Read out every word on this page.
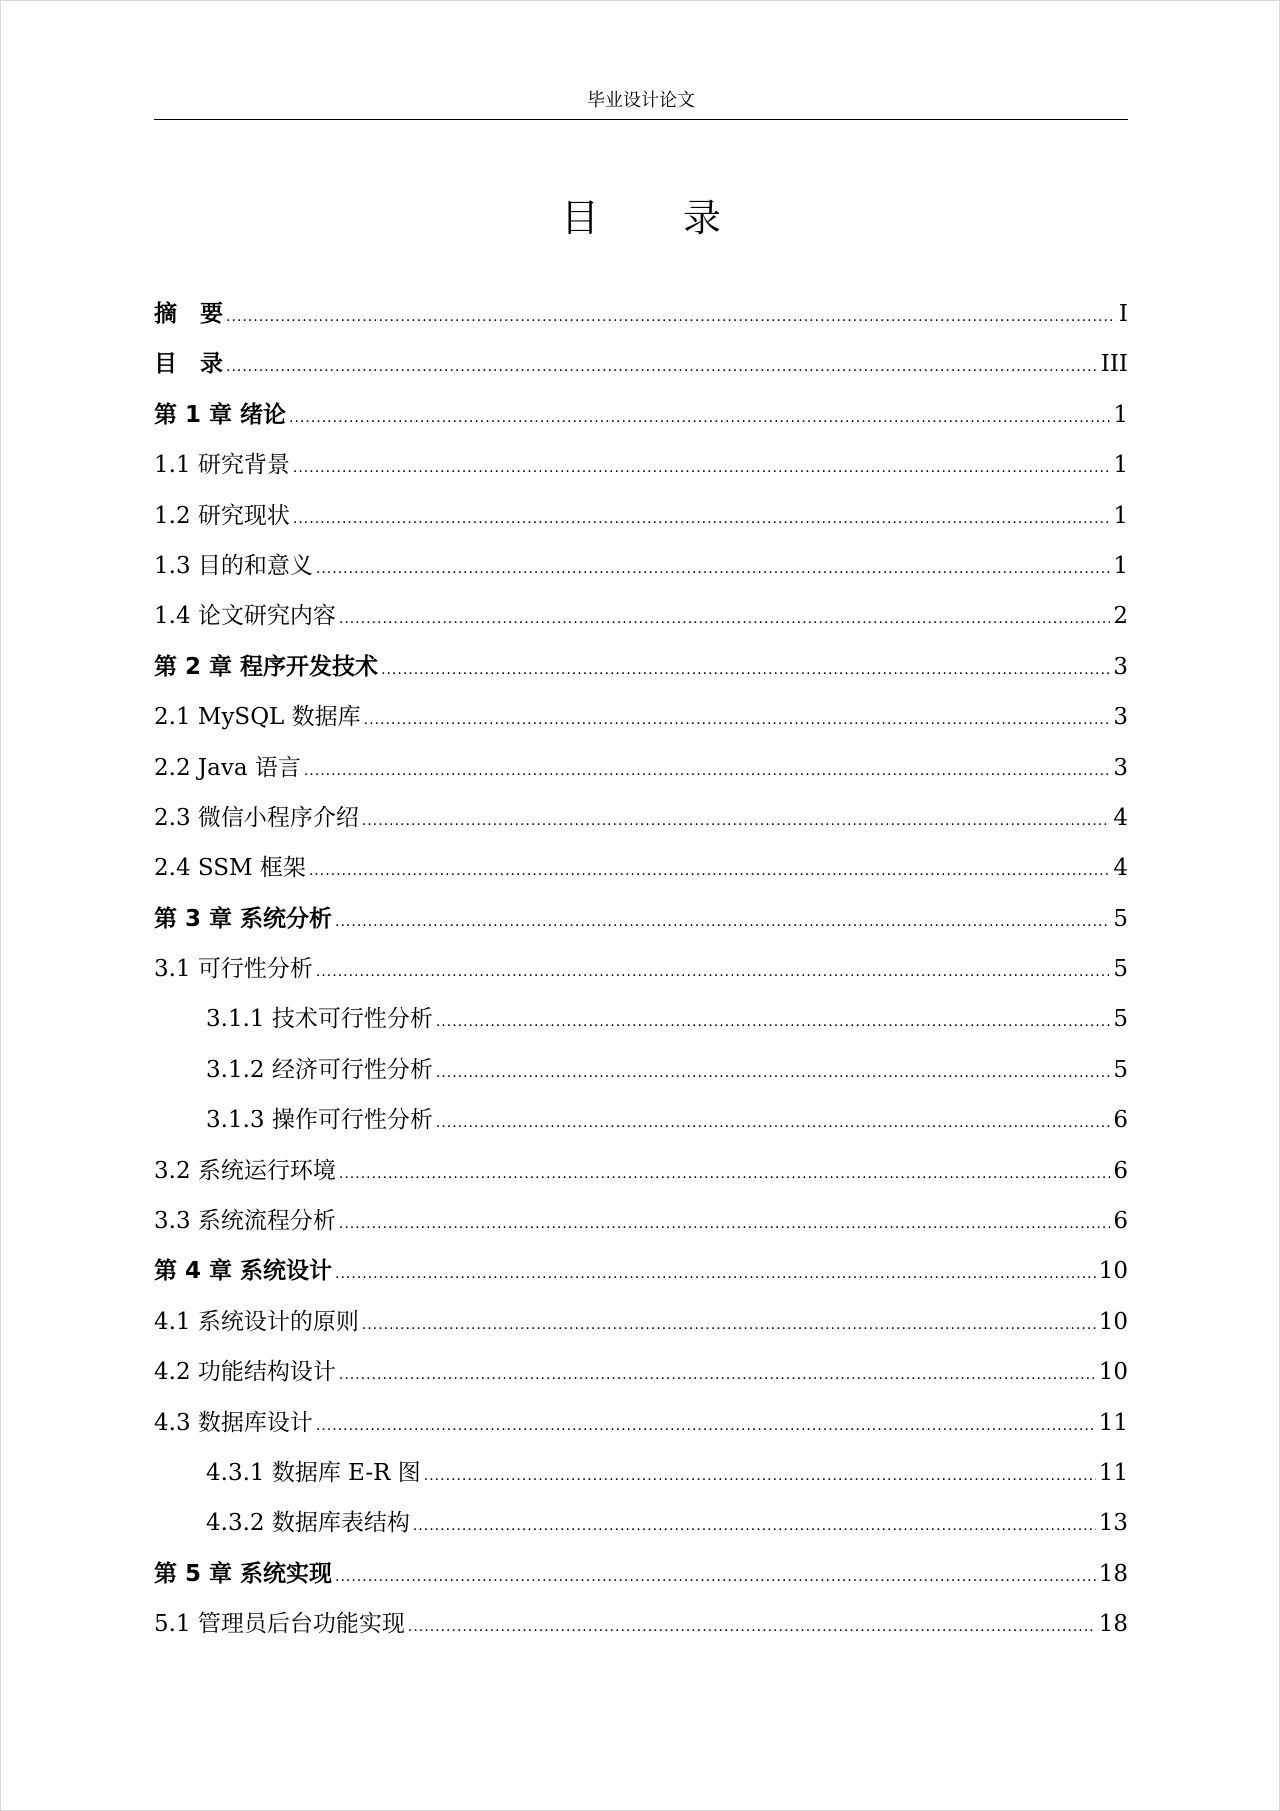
毕业设计论文
目 录
摘　要 .....	I
目　录 .....	III
第 1 章 绪论 .....	1
1.1 研究背景 .....	1
1.2 研究现状 .....	1
1.3 目的和意义 .....	1
1.4 论文研究内容 .....	2
第 2 章 程序开发技术 .....	3
2.1 MySQL 数据库 .....	3
2.2 Java 语言 .....	3
2.3 微信小程序介绍 .....	4
2.4 SSM 框架 .....	4
第 3 章 系统分析 .....	5
3.1 可行性分析 .....	5
3.1.1 技术可行性分析 .....	5
3.1.2 经济可行性分析 .....	5
3.1.3 操作可行性分析 .....	6
3.2 系统运行环境 .....	6
3.3 系统流程分析 .....	6
第 4 章 系统设计 .....	10
4.1 系统设计的原则 .....	10
4.2 功能结构设计 .....	10
4.3 数据库设计 .....	11
4.3.1 数据库 E-R 图 .....	11
4.3.2 数据库表结构 .....	13
第 5 章 系统实现 .....	18
5.1 管理员后台功能实现 .....	18
